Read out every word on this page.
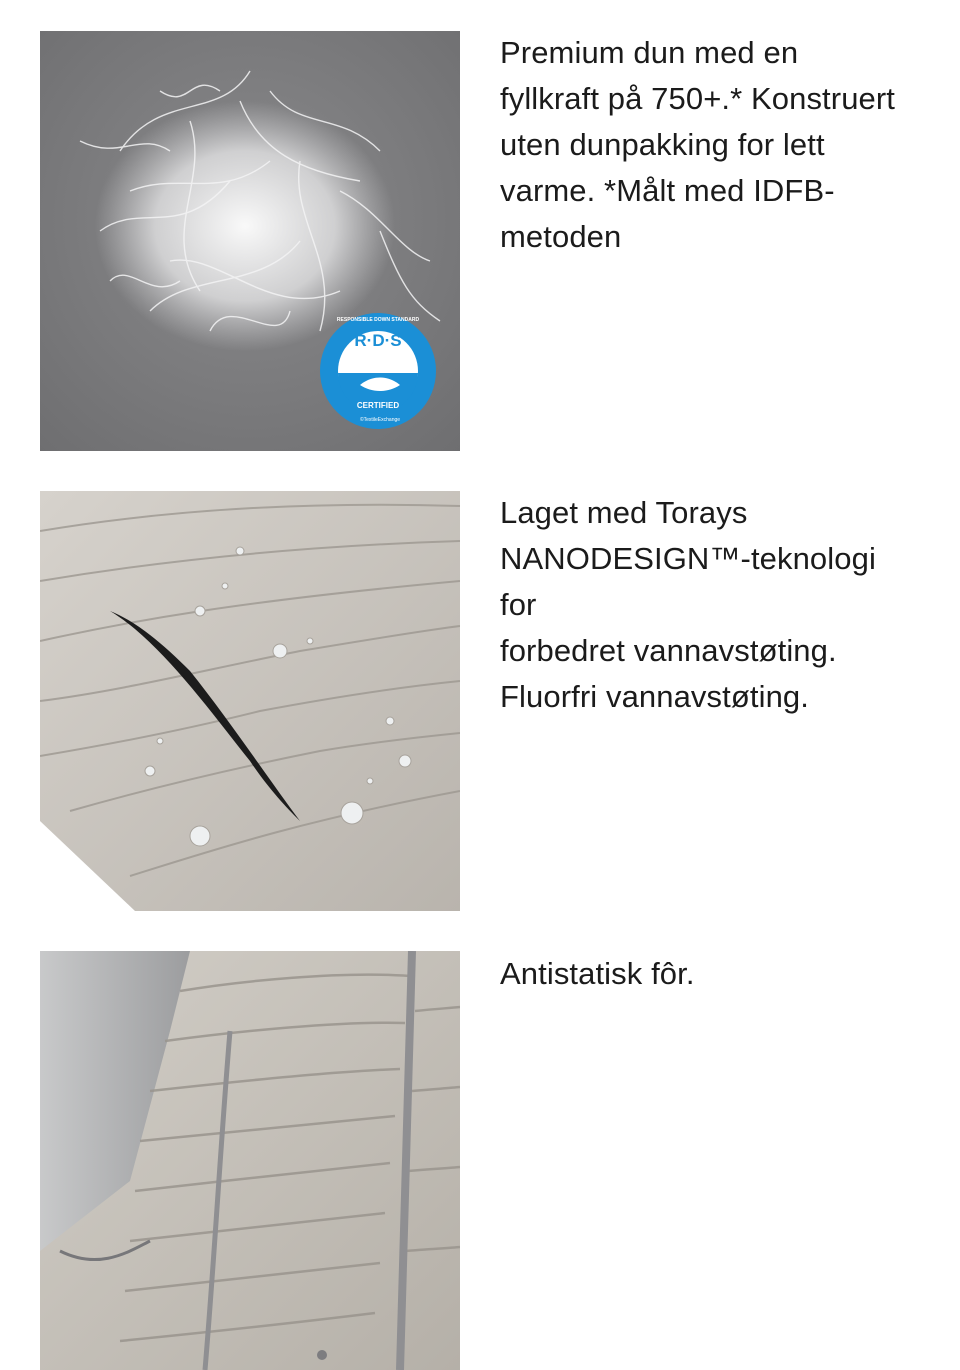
R·D·S
CERTIFIED
RESPONSIBLE DOWN STANDARD
©TextileExchange
Premium dun med en
fyllkraft på 750+.* Konstruert
uten dunpakking for lett
varme. *Målt med IDFB-
metoden
Laget med Torays
NANODESIGN™-teknologi for
forbedret vannavstøting.
Fluorfri vannavstøting.
Antistatisk fôr.
